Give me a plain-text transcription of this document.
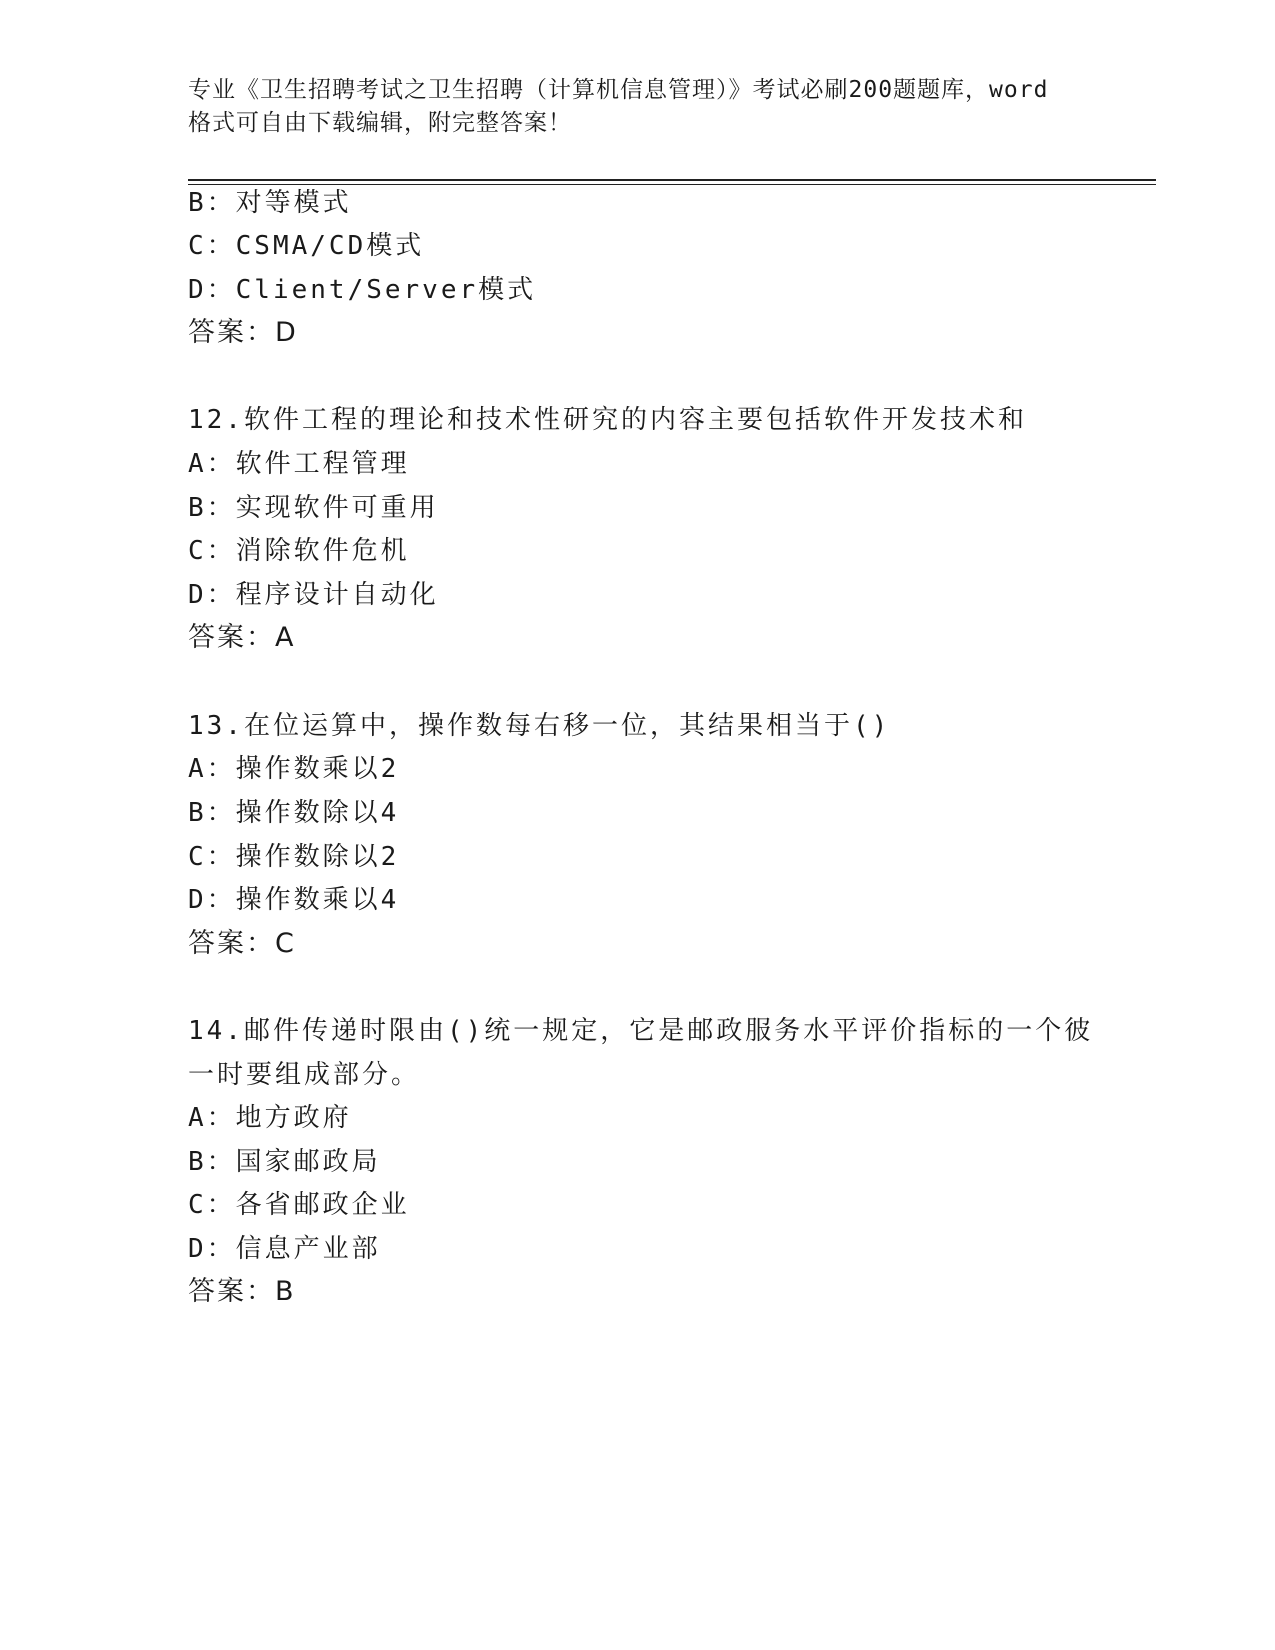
专业《卫生招聘考试之卫生招聘（计算机信息管理）》考试必刷200题题库，word
格式可自由下载编辑，附完整答案！
B：对等模式
C：CSMA/CD模式
D：Client/Server模式
答案：D
12.软件工程的理论和技术性研究的内容主要包括软件开发技术和
A：软件工程管理
B：实现软件可重用
C：消除软件危机
D：程序设计自动化
答案：A
13.在位运算中，操作数每右移一位，其结果相当于()
A：操作数乘以2
B：操作数除以4
C：操作数除以2
D：操作数乘以4
答案：C
14.邮件传递时限由()统一规定，它是邮政服务水平评价指标的一个彼
一时要组成部分。
A：地方政府
B：国家邮政局
C：各省邮政企业
D：信息产业部
答案：B
